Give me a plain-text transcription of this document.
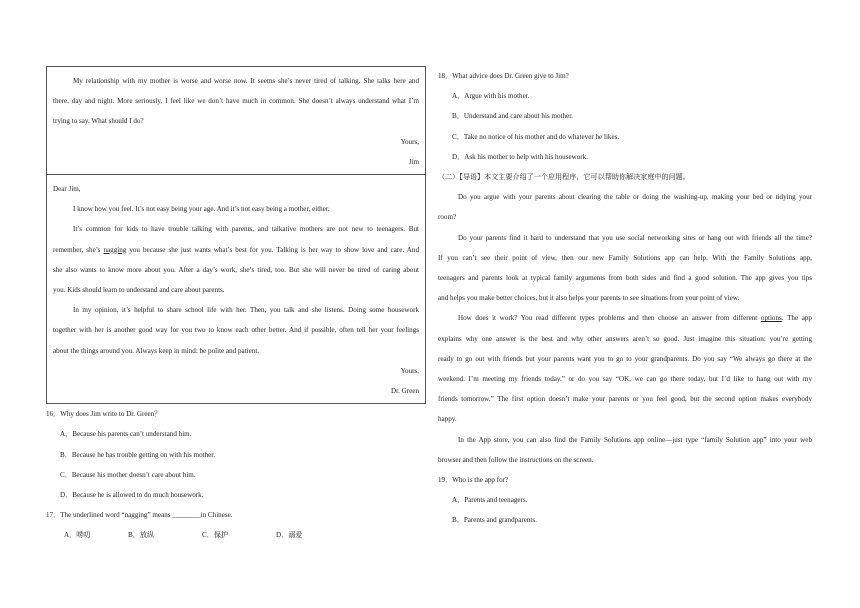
My relationship with my mother is worse and worse now. It seems she’s never tired of talking. She talks here and
there, day and night. More seriously, I feel like we don’t have much in common. She doesn’t always understand what I’m
trying to say. What should I do?
Yours,
Jim
Dear Jim,
I know how you feel. It’s not easy being your age. And it’s not easy being a mother, either.
It’s common for kids to have trouble talking with parents, and talkative mothers are not new to teenagers. But
remember, she’s nagging you because she just wants what’s best for you. Talking is her way to show love and care. And
she also wants to know more about you. After a day’s work, she’s tired, too. But she will never be tired of caring about
you. Kids should learn to understand and care about parents.
In my opinion, it’s helpful to share school life with her. Then, you talk and she listens. Doing some housework
together with her is another good way for you two to know each other better. And if possible, often tell her your feelings
about the things around you. Always keep in mind: be polite and patient.
Yours,
Dr. Green
16．Why does Jim write to Dr. Green？
A．Because his parents can’t understand him.
B．Because he has trouble getting on with his mother.
C．Because his mother doesn’t care about him.
D．Because he is allowed to do much housework.
17．The underlined word “nagging” means ________in Chinese.
A．唠叨	B．放纵	C．保护	D．溺爱
18．What advice does Dr. Green give to Jim?
A．Argue with his mother.
B．Understand and care about his mother.
C．Take no notice of his mother and do whatever he likes.
D．Ask his mother to help with his housework.
（二）【导语】本文主要介绍了一个应用程序，它可以帮助你解决家庭中的问题。
Do you argue with your parents about clearing the table or doing the washing-up, making your bed or tidying your
room?
Do your parents find it hard to understand that you use social networking sites or hang out with friends all the time?
If you can’t see their point of view, then our new Family Solutions app can help. With the Family Solutions app,
teenagers and parents look at typical family arguments from both sides and find a good solution. The app gives you tips
and helps you make better choices, but it also helps your parents to see situations from your point of view.
How does it work? You read different types problems and then choose an answer from different options. The app
explains why one answer is the best and why other answers aren’t so good. Just imagine this situation: you’re getting
ready to go out with friends but your parents want you to go to your grandparents. Do you say “We always go there at the
weekend. I’m meeting my friends today.” or do you say “OK, we can go there today, but I’d like to hang out with my
friends tomorrow.” The first option doesn’t make your parents or you feel good, but the second option makes everybody
happy.
In the App store, you can also find the Family Solutions app online—just type “family Solution app” into your web
browser and then follow the instructions on the screen.
19．Who is the app for?
A．Parents and teenagers.
B．Parents and grandparents.
